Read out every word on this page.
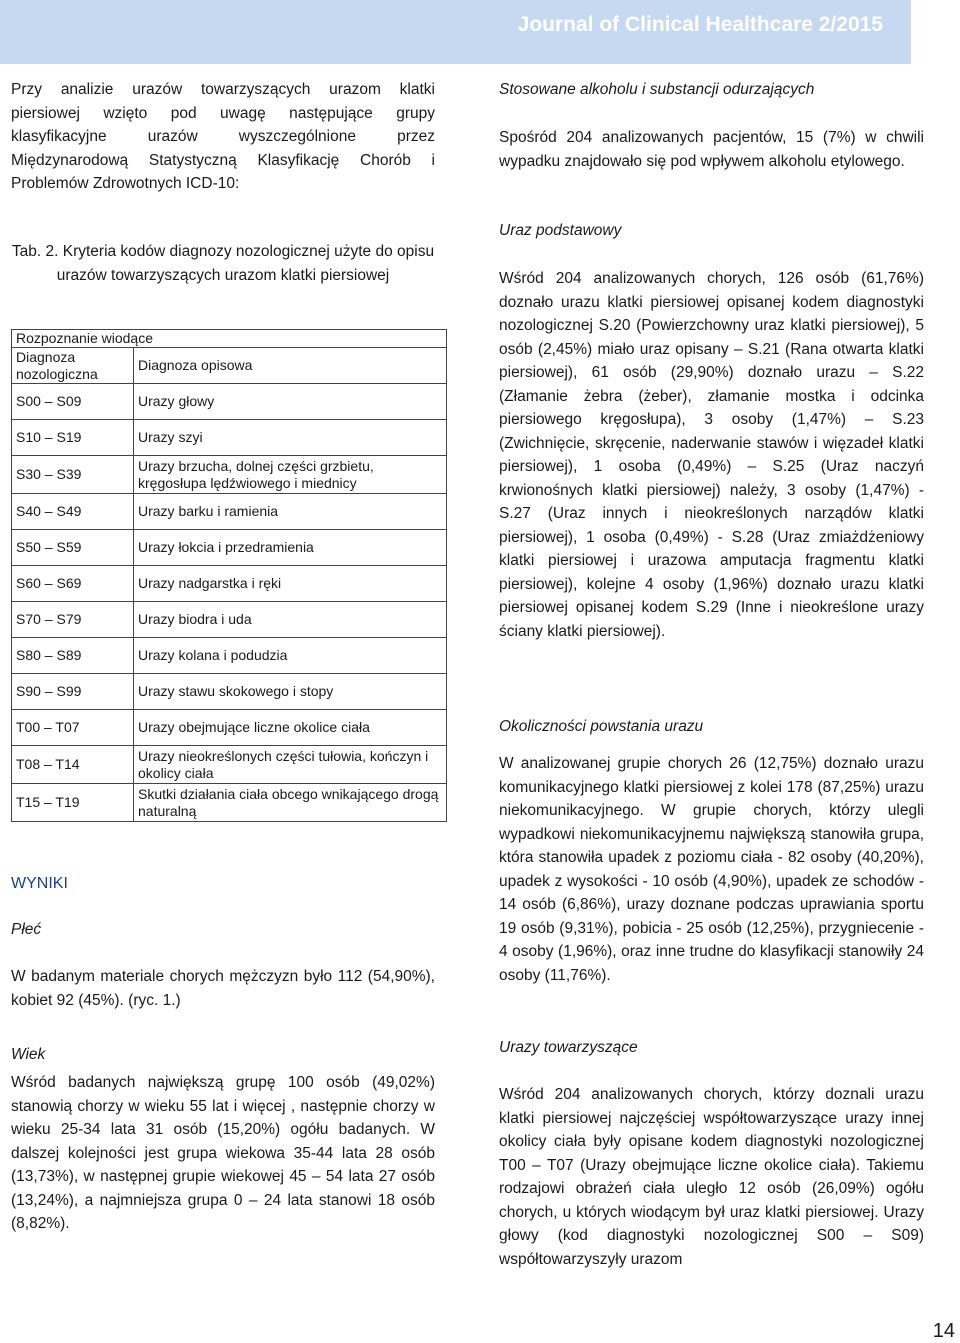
Journal of Clinical Healthcare 2/2015

Przy analizie urazów towarzyszących urazom klatki piersiowej wzięto pod uwagę następujące grupy klasyfikacyjne urazów wyszczególnione przez Międzynarodową Statystyczną Klasyfikację Chorób i Problemów Zdrowotnych ICD-10:

Tab. 2. Kryteria kodów diagnozy nozologicznej użyte do opisu urazów towarzyszących urazom klatki piersiowej

Rozpoznanie wiodące	
Diagnoza nozologiczna	Diagnoza opisowa
S00 – S09	Urazy głowy
S10 – S19	Urazy szyi
S30 – S39	Urazy brzucha, dolnej części grzbietu, kręgosłupa lędźwiowego i miednicy
S40 – S49	Urazy barku i ramienia
S50 – S59	Urazy łokcia i przedramienia
S60 – S69	Urazy nadgarstka i ręki
S70 – S79	Urazy biodra i uda
S80 – S89	Urazy kolana i podudzia
S90 – S99	Urazy stawu skokowego i stopy
T00 – T07	Urazy obejmujące liczne okolice ciała
T08 – T14	Urazy nieokreślonych części tułowia, kończyn i okolicy ciała
T15 – T19	Skutki działania ciała obcego wnikającego drogą naturalną

WYNIKI

Płeć

W badanym materiale chorych mężczyzn było 112 (54,90%), kobiet 92 (45%). (ryc. 1.)

Wiek

Wśród badanych największą grupę 100 osób (49,02%) stanowią chorzy w wieku 55 lat i więcej , następnie chorzy w wieku 25-34 lata 31 osób (15,20%) ogółu badanych. W dalszej kolejności jest grupa wiekowa 35-44 lata 28 osób (13,73%), w następnej grupie wiekowej 45 – 54 lata 27 osób (13,24%), a najmniejsza grupa 0 – 24 lata stanowi 18 osób (8,82%).

Stosowane alkoholu i substancji odurzających

Spośród 204 analizowanych pacjentów, 15 (7%) w chwili wypadku znajdowało się pod wpływem alkoholu etylowego.

Uraz podstawowy

Wśród 204 analizowanych chorych, 126 osób (61,76%) doznało urazu klatki piersiowej opisanej kodem diagnostyki nozologicznej S.20 (Powierzchowny uraz klatki piersiowej), 5 osób (2,45%) miało uraz opisany – S.21 (Rana otwarta klatki piersiowej), 61 osób (29,90%) doznało urazu – S.22 (Złamanie żebra (żeber), złamanie mostka i odcinka piersiowego kręgosłupa), 3 osoby (1,47%) – S.23 (Zwichnięcie, skręcenie, naderwanie stawów i więzadeł klatki piersiowej), 1 osoba (0,49%) – S.25 (Uraz naczyń krwionośnych klatki piersiowej) należy, 3 osoby (1,47%) - S.27 (Uraz innych i nieokreślonych narządów klatki piersiowej), 1 osoba (0,49%) - S.28 (Uraz zmiażdżeniowy klatki piersiowej i urazowa amputacja fragmentu klatki piersiowej), kolejne 4 osoby (1,96%) doznało urazu klatki piersiowej opisanej kodem S.29 (Inne i nieokreślone urazy ściany klatki piersiowej).

Okoliczności powstania urazu

W analizowanej grupie chorych 26 (12,75%) doznało urazu komunikacyjnego klatki piersiowej z kolei 178 (87,25%) urazu niekomunikacyjnego. W grupie chorych, którzy ulegli wypadkowi niekomunikacyjnemu największą stanowiła grupa, która stanowiła upadek z poziomu ciała - 82 osoby (40,20%), upadek z wysokości - 10 osób (4,90%), upadek ze schodów - 14 osób (6,86%), urazy doznane podczas uprawiania sportu 19 osób (9,31%), pobicia - 25 osób (12,25%), przygniecenie - 4 osoby (1,96%), oraz inne trudne do klasyfikacji stanowiły 24 osoby (11,76%).

Urazy towarzyszące

Wśród 204 analizowanych chorych, którzy doznali urazu klatki piersiowej najczęściej współtowarzyszące urazy innej okolicy ciała były opisane kodem diagnostyki nozologicznej T00 – T07 (Urazy obejmujące liczne okolice ciała). Takiemu rodzajowi obrażeń ciała uległo 12 osób (26,09%) ogółu chorych, u których wiodącym był uraz klatki piersiowej. Urazy głowy (kod diagnostyki nozologicznej S00 – S09) współtowarzyszyły urazom

14
